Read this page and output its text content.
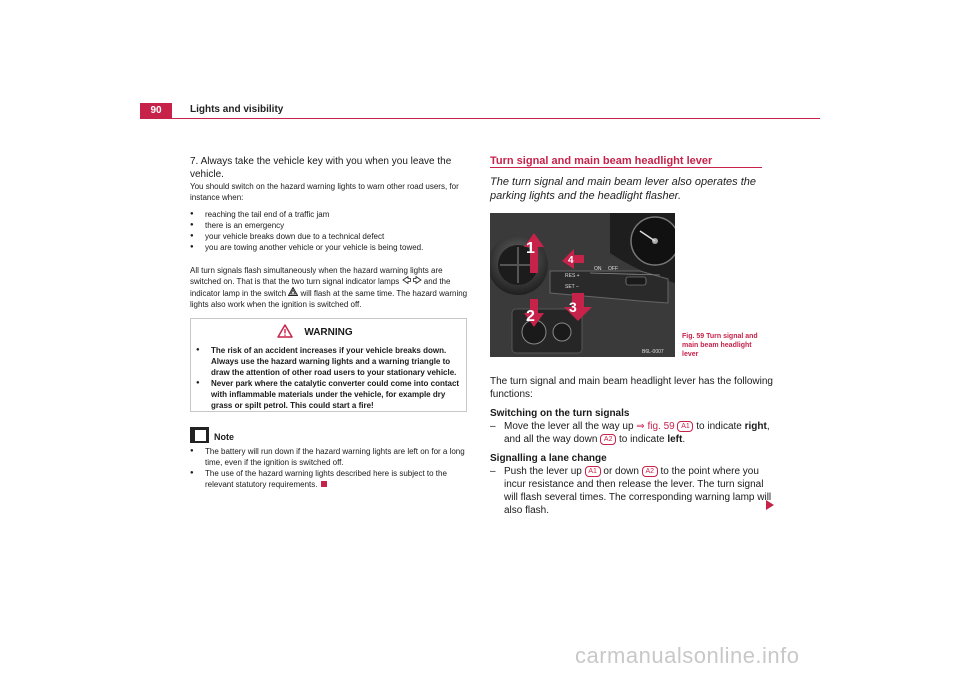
90	Lights and visibility
7. Always take the vehicle key with you when you leave the vehicle.
You should switch on the hazard warning lights to warn other road users, for instance when:
● reaching the tail end of a traffic jam
● there is an emergency
● your vehicle breaks down due to a technical defect
● you are towing another vehicle or your vehicle is being towed.
All turn signals flash simultaneously when the hazard warning lights are switched on. That is that the two turn signal indicator lamps	and the indicator lamp in the switch will flash at the same time. The hazard warning lights also work when the ignition is switched off.
WARNING
● The risk of an accident increases if your vehicle breaks down. Always use the hazard warning lights and a warning triangle to draw the attention of other road users to your stationary vehicle.
● Never park where the catalytic converter could come into contact with inflammable materials under the vehicle, for example dry grass or spilt petrol. This could start a fire!
Note
● The battery will run down if the hazard warning lights are left on for a long time, even if the ignition is switched off.
● The use of the hazard warning lights described here is subject to the relevant statutory requirements.
Turn signal and main beam headlight lever
The turn signal and main beam lever also operates the parking lights and the headlight flasher.
RES +
SET –
ON OFF
1
2
3
4
B6L-0007
Fig. 59 Turn signal and main beam headlight lever
The turn signal and main beam headlight lever has the following functions:
Switching on the turn signals
– Move the lever all the way up ⇒ fig. 59 A1 to indicate right, and all the way down A2 to indicate left.
Signalling a lane change
– Push the lever up A1 or down A2 to the point where you incur resistance and then release the lever. The turn signal will flash several times. The corresponding warning lamp will also flash.
carmanualsonline.info
